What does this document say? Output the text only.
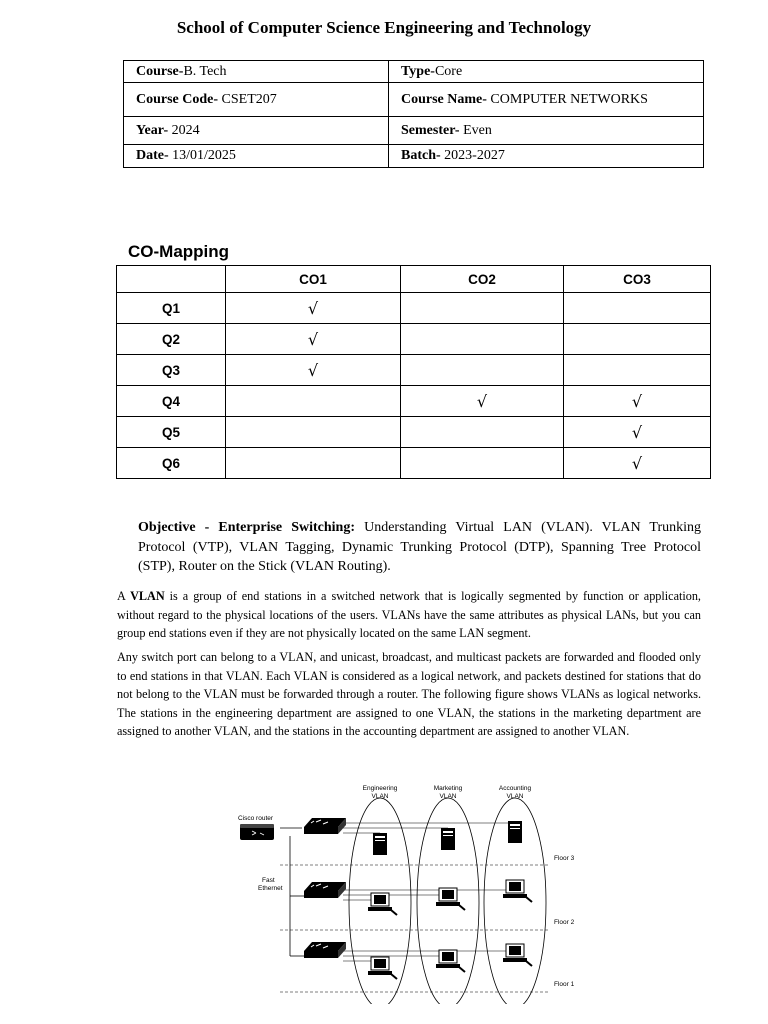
School of Computer Science Engineering and Technology
Course-B. Tech	Type-Core
Course Code- CSET207	Course Name- COMPUTER NETWORKS
Year- 2024	Semester- Even
Date- 13/01/2025	Batch- 2023-2027
CO-Mapping
	CO1	CO2	CO3
Q1	√		
Q2	√		
Q3	√		
Q4		√	√
Q5			√
Q6			√
Objective - Enterprise Switching: Understanding Virtual LAN (VLAN). VLAN Trunking Protocol (VTP), VLAN Tagging, Dynamic Trunking Protocol (DTP), Spanning Tree Protocol (STP), Router on the Stick (VLAN Routing).
A VLAN is a group of end stations in a switched network that is logically segmented by function or application, without regard to the physical locations of the users. VLANs have the same attributes as physical LANs, but you can group end stations even if they are not physically located on the same LAN segment.
Any switch port can belong to a VLAN, and unicast, broadcast, and multicast packets are forwarded and flooded only to end stations in that VLAN. Each VLAN is considered as a logical network, and packets destined for stations that do not belong to the VLAN must be forwarded through a router. The following figure shows VLANs as logical networks. The stations in the engineering department are assigned to one VLAN, the stations in the marketing department are assigned to another VLAN, and the stations in the accounting department are assigned to another VLAN.
Engineering VLAN
Marketing VLAN
Accounting VLAN
Cisco router
Fast Ethernet
Floor 3
Floor 2
Floor 1
